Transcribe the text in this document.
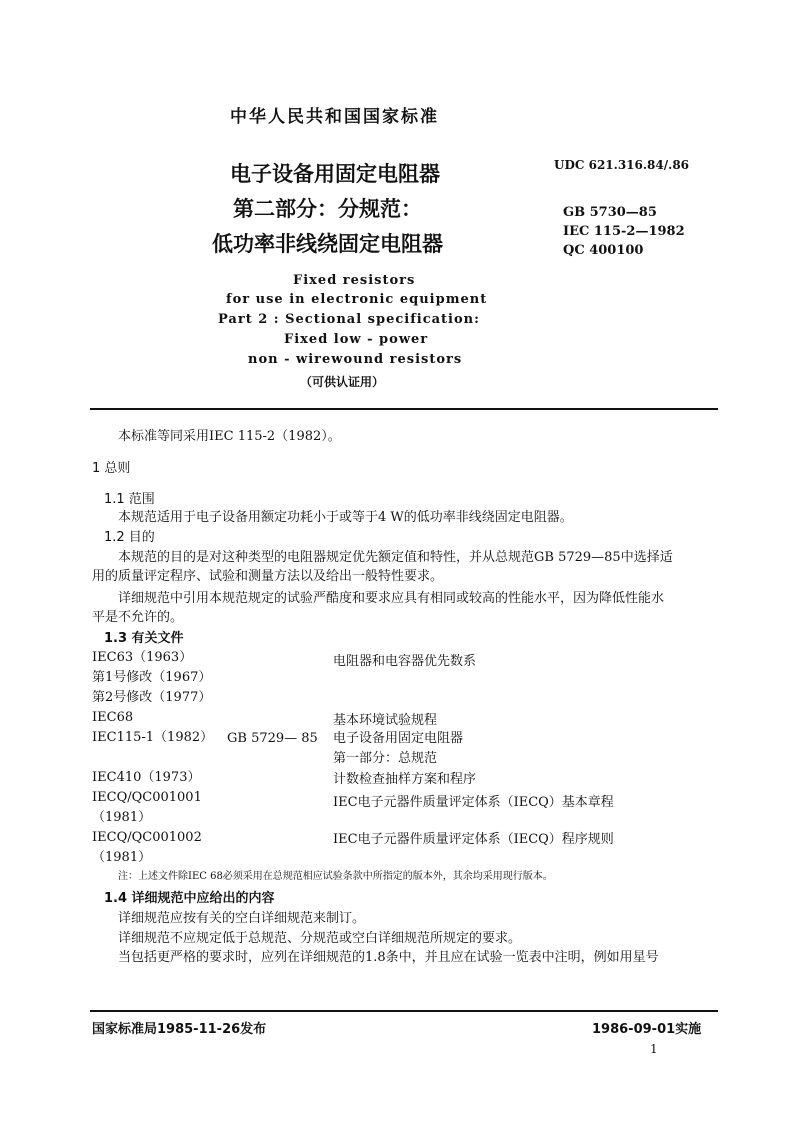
中华人民共和国国家标准
电子设备用固定电阻器
第二部分：分规范：
低功率非线绕固定电阻器
UDC 621.316.84/.86
GB 5730—85
IEC 115-2—1982
QC 400100
Fixed resistors
for use in electronic equipment
Part 2 : Sectional specification:
Fixed low - power
non - wirewound resistors
（可供认证用）
本标准等同采用IEC 115-2（1982）。
1 总则
1.1 范围
本规范适用于电子设备用额定功耗小于或等于4 W的低功率非线绕固定电阻器。
1.2 目的
本规范的目的是对这种类型的电阻器规定优先额定值和特性，并从总规范GB 5729—85中选择适
用的质量评定程序、试验和测量方法以及给出一般特性要求。
详细规范中引用本规范规定的试验严酷度和要求应具有相同或较高的性能水平，因为降低性能水
平是不允许的。
1.3 有关文件
IEC63（1963）	电阻器和电容器优先数系
第1号修改（1967）
第2号修改（1977）
IEC68	基本环境试验规程
IEC115-1（1982） GB 5729— 85 电子设备用固定电阻器
第一部分：总规范
IEC410（1973）	计数检查抽样方案和程序
IECQ/QC001001	IEC电子元器件质量评定体系（IECQ）基本章程
（1981）
IECQ/QC001002	IEC电子元器件质量评定体系（IECQ）程序规则
（1981）
注：上述文件除IEC 68必须采用在总规范相应试验条款中所指定的版本外，其余均采用现行版本。
1.4 详细规范中应给出的内容
详细规范应按有关的空白详细规范来制订。
详细规范不应规定低于总规范、分规范或空白详细规范所规定的要求。
当包括更严格的要求时，应列在详细规范的1.8条中，并且应在试验一览表中注明，例如用星号
国家标准局1985-11-26发布	1986-09-01实施
1
